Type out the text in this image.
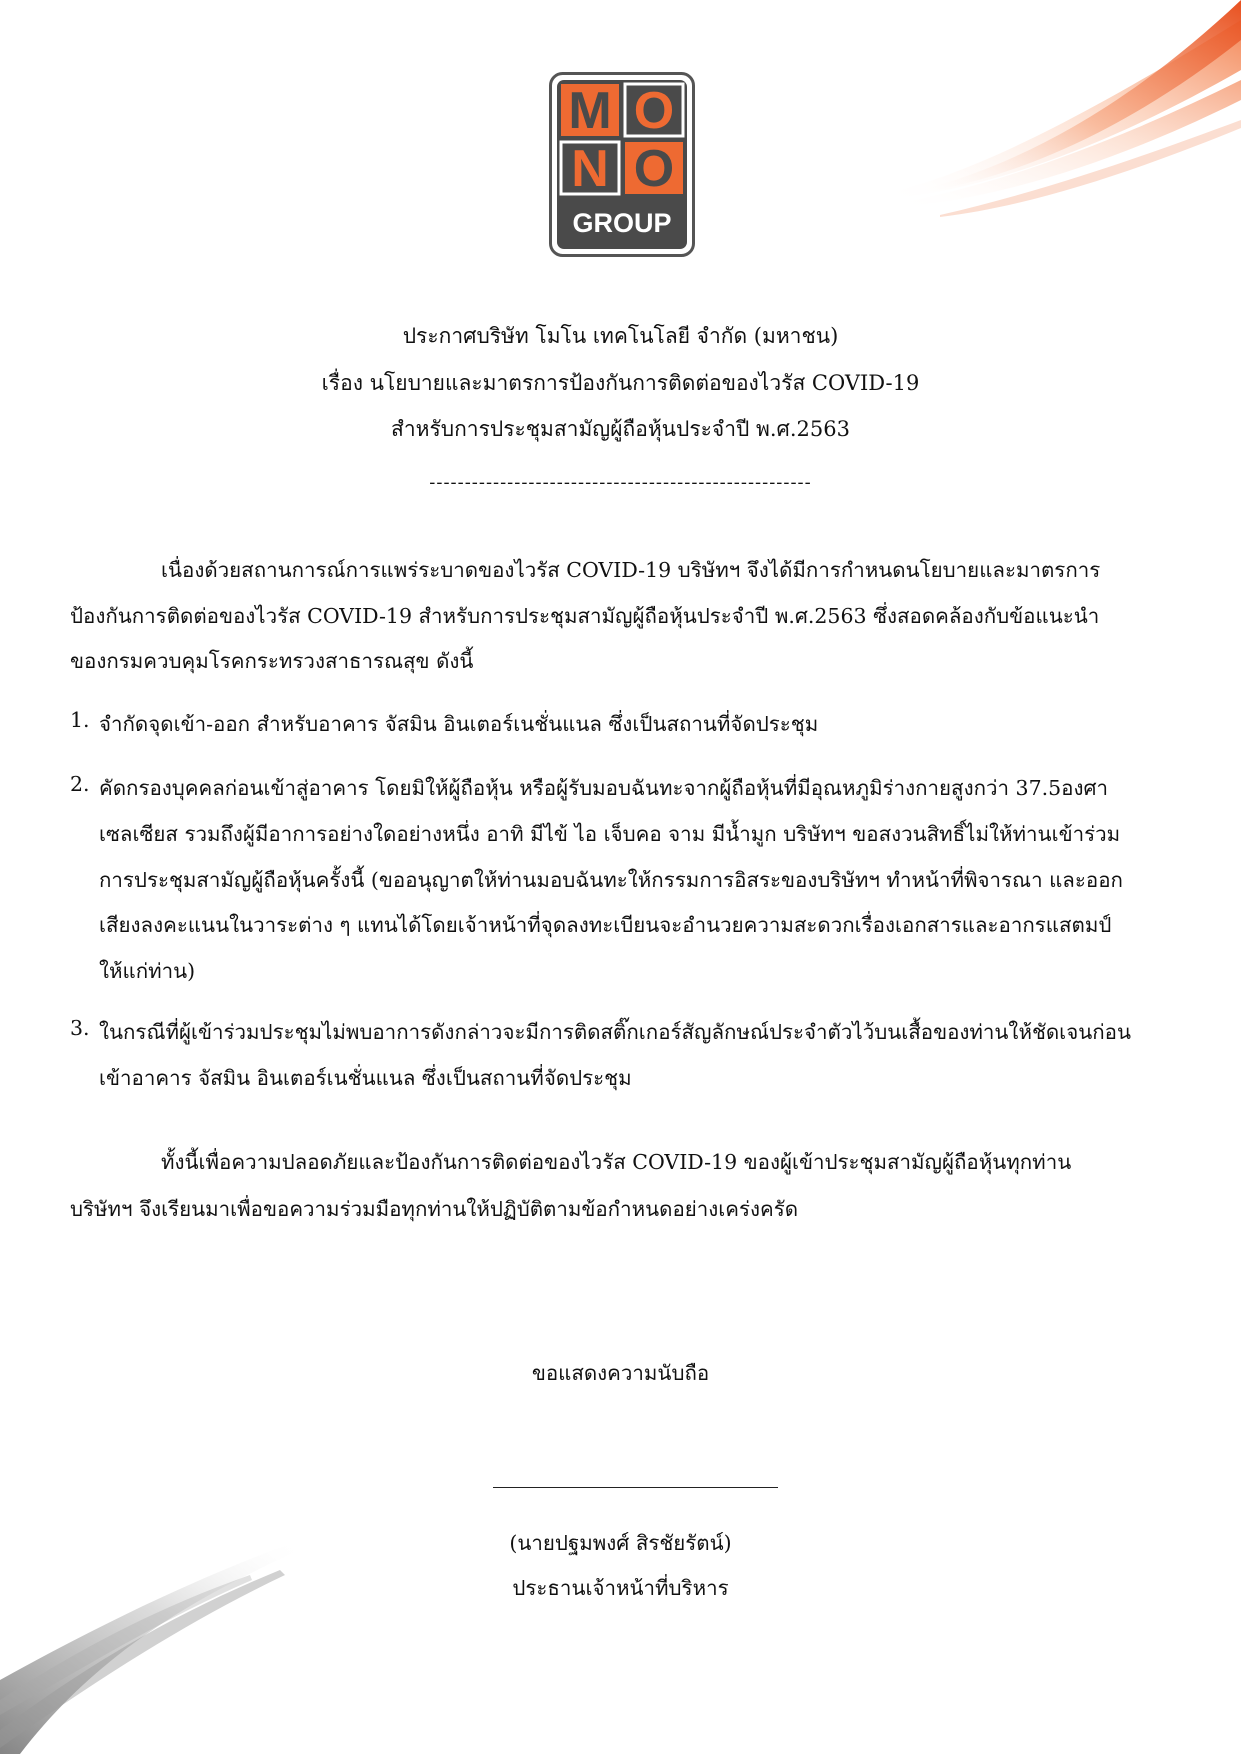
M O
N O
GROUP
ประกาศบริษัท โมโน เทคโนโลยี จำกัด (มหาชน)
เรื่อง นโยบายและมาตรการป้องกันการติดต่อของไวรัส COVID-19
สำหรับการประชุมสามัญผู้ถือหุ้นประจำปี พ.ศ.2563
------------------------------------------------------
เนื่องด้วยสถานการณ์การแพร่ระบาดของไวรัส COVID-19 บริษัทฯ จึงได้มีการกำหนดนโยบายและมาตรการ
ป้องกันการติดต่อของไวรัส COVID-19 สำหรับการประชุมสามัญผู้ถือหุ้นประจำปี พ.ศ.2563 ซึ่งสอดคล้องกับข้อแนะนำ
ของกรมควบคุมโรคกระทรวงสาธารณสุข ดังนี้
1. จำกัดจุดเข้า-ออก สำหรับอาคาร จัสมิน อินเตอร์เนชั่นแนล ซึ่งเป็นสถานที่จัดประชุม
2. คัดกรองบุคคลก่อนเข้าสู่อาคาร โดยมิให้ผู้ถือหุ้น หรือผู้รับมอบฉันทะจากผู้ถือหุ้นที่มีอุณหภูมิร่างกายสูงกว่า 37.5องศา
เซลเซียส รวมถึงผู้มีอาการอย่างใดอย่างหนึ่ง อาทิ มีไข้ ไอ เจ็บคอ จาม มีน้ำมูก บริษัทฯ ขอสงวนสิทธิ์ไม่ให้ท่านเข้าร่วม
การประชุมสามัญผู้ถือหุ้นครั้งนี้ (ขออนุญาตให้ท่านมอบฉันทะให้กรรมการอิสระของบริษัทฯ ทำหน้าที่พิจารณา และออก
เสียงลงคะแนนในวาระต่าง ๆ แทนได้โดยเจ้าหน้าที่จุดลงทะเบียนจะอำนวยความสะดวกเรื่องเอกสารและอากรแสตมป์
ให้แก่ท่าน)
3. ในกรณีที่ผู้เข้าร่วมประชุมไม่พบอาการดังกล่าวจะมีการติดสติ๊กเกอร์สัญลักษณ์ประจำตัวไว้บนเสื้อของท่านให้ชัดเจนก่อน
เข้าอาคาร จัสมิน อินเตอร์เนชั่นแนล ซึ่งเป็นสถานที่จัดประชุม
ทั้งนี้เพื่อความปลอดภัยและป้องกันการติดต่อของไวรัส COVID-19 ของผู้เข้าประชุมสามัญผู้ถือหุ้นทุกท่าน
บริษัทฯ จึงเรียนมาเพื่อขอความร่วมมือทุกท่านให้ปฏิบัติตามข้อกำหนดอย่างเคร่งครัด
ขอแสดงความนับถือ
(นายปฐมพงศ์ สิรชัยรัตน์)
ประธานเจ้าหน้าที่บริหาร
